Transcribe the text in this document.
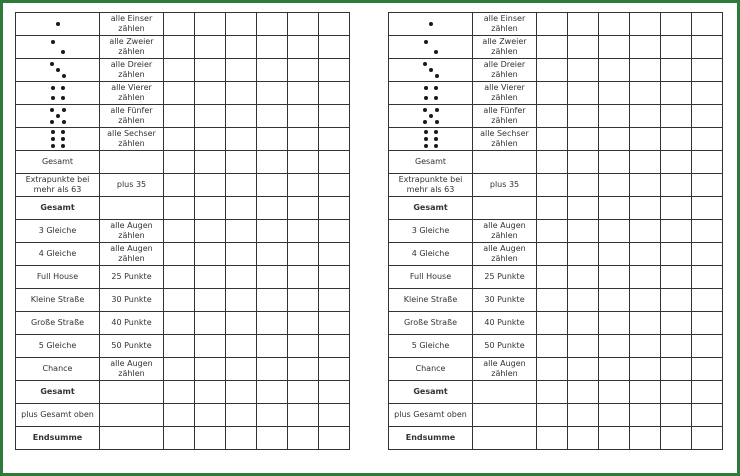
	alle Einser zählen						

	alle Zweier zählen						

	alle Dreier zählen						

	alle Vierer zählen						

	alle Fünfer zählen						

	alle Sechser zählen						
Gesamt							
Extrapunkte bei mehr als 63	plus 35						
Gesamt							
3 Gleiche	alle Augen zählen						
4 Gleiche	alle Augen zählen						
Full House	25 Punkte						
Kleine Straße	30 Punkte						
Große Straße	40 Punkte						
5 Gleiche	50 Punkte						
Chance	alle Augen zählen						
Gesamt							
plus Gesamt oben							
Endsumme							
	alle Einser zählen						

	alle Zweier zählen						

	alle Dreier zählen						

	alle Vierer zählen						

	alle Fünfer zählen						

	alle Sechser zählen						
Gesamt							
Extrapunkte bei mehr als 63	plus 35						
Gesamt							
3 Gleiche	alle Augen zählen						
4 Gleiche	alle Augen zählen						
Full House	25 Punkte						
Kleine Straße	30 Punkte						
Große Straße	40 Punkte						
5 Gleiche	50 Punkte						
Chance	alle Augen zählen						
Gesamt							
plus Gesamt oben							
Endsumme							
